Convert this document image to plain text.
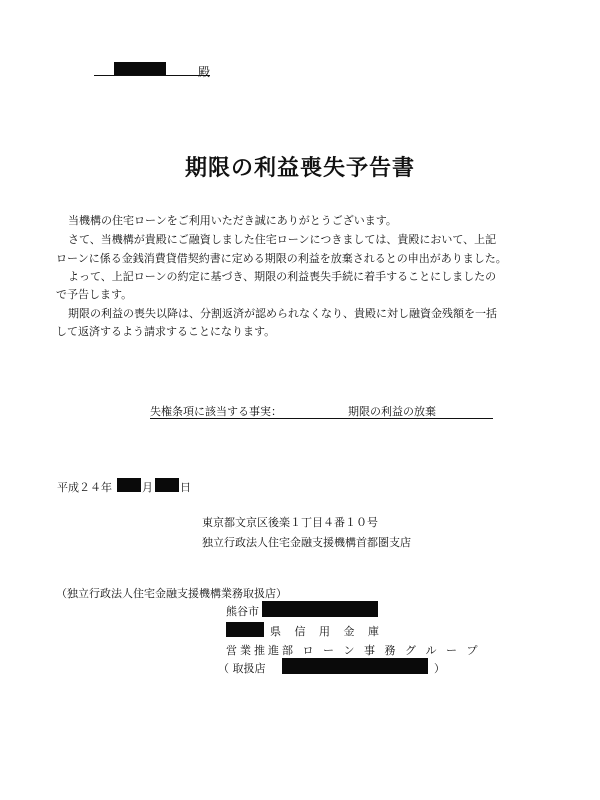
殿
期限の利益喪失予告書
当機構の住宅ローンをご利用いただき誠にありがとうございます。
さて、当機構が貴殿にご融資しました住宅ローンにつきましては、貴殿において、上記
ローンに係る金銭消費貸借契約書に定める期限の利益を放棄されるとの申出がありました。
よって、上記ローンの約定に基づき、期限の利益喪失手続に着手することにしましたの
で予告します。
期限の利益の喪失以降は、分割返済が認められなくなり、貴殿に対し融資金残額を一括
して返済するよう請求することになります。
失権条項に該当する事実：	期限の利益の放棄
平成２４年	月 日
東京都文京区後楽１丁目４番１０号
独立行政法人住宅金融支援機構首都圏支店
（独立行政法人住宅金融支援機構業務取扱店）
熊谷市
県 信 用 金 庫
営業推進部 ロ ー ン 事 務 グ ル ー プ
（ 取扱店	）
